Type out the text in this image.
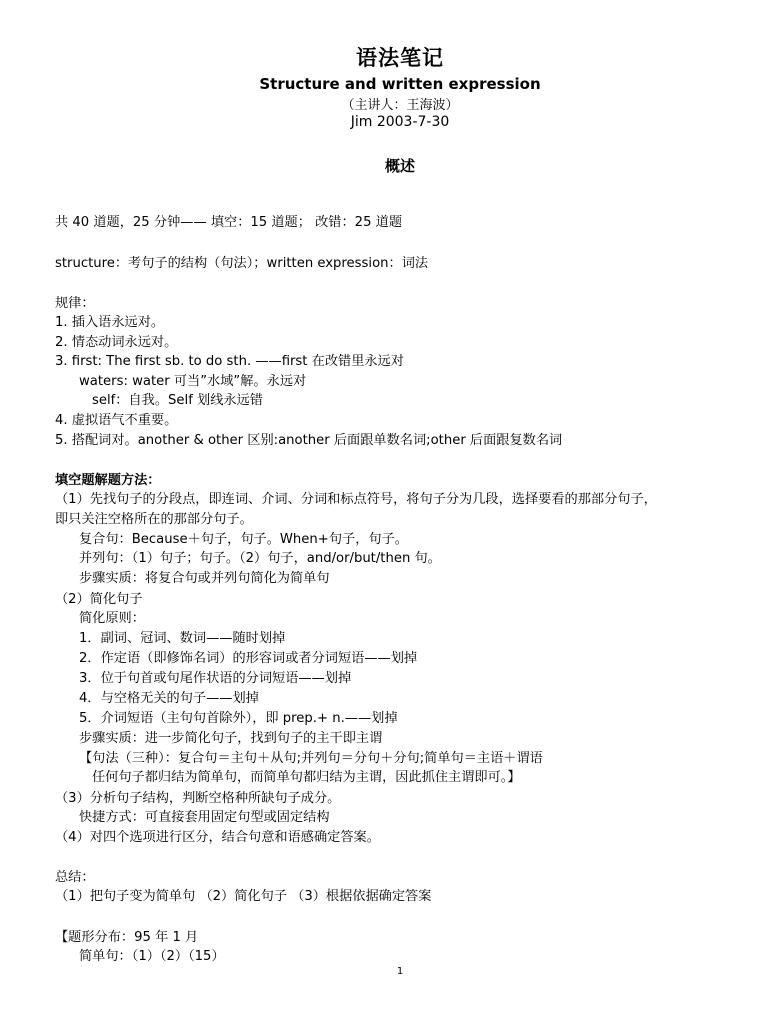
语法笔记
Structure and written expression
（主讲人：王海波）
Jim 2003-7-30
概述
共 40 道题，25 分钟—— 填空：15 道题； 改错：25 道题
structure：考句子的结构（句法）；written expression：词法
规律：
1. 插入语永远对。
2. 情态动词永远对。
3. first: The first sb. to do sth. ——first 在改错里永远对
waters: water 可当”水域”解。永远对
self：自我。Self 划线永远错
4. 虚拟语气不重要。
5. 搭配词对。another & other 区别:another 后面跟单数名词;other 后面跟复数名词
填空题解题方法：
（1）先找句子的分段点，即连词、介词、分词和标点符号，将句子分为几段，选择要看的那部分句子，
即只关注空格所在的那部分句子。
复合句：Because＋句子，句子。When+句子，句子。
并列句：（1）句子；句子。（2）句子，and/or/but/then 句。
步骤实质：将复合句或并列句简化为简单句
（2）简化句子
简化原则：
1．副词、冠词、数词——随时划掉
2．作定语（即修饰名词）的形容词或者分词短语——划掉
3．位于句首或句尾作状语的分词短语——划掉
4．与空格无关的句子——划掉
5．介词短语（主句句首除外），即 prep.+ n.——划掉
步骤实质：进一步简化句子，找到句子的主干即主谓
【句法（三种）：复合句＝主句＋从句;并列句＝分句＋分句;简单句＝主语＋谓语
任何句子都归结为简单句，而简单句都归结为主谓，因此抓住主谓即可。】
（3）分析句子结构，判断空格种所缺句子成分。
快捷方式：可直接套用固定句型或固定结构
（4）对四个选项进行区分，结合句意和语感确定答案。
总结：
（1）把句子变为简单句 （2）简化句子 （3）根据依据确定答案
【题形分布：95 年 1 月
简单句：（1）（2）（15）
1
